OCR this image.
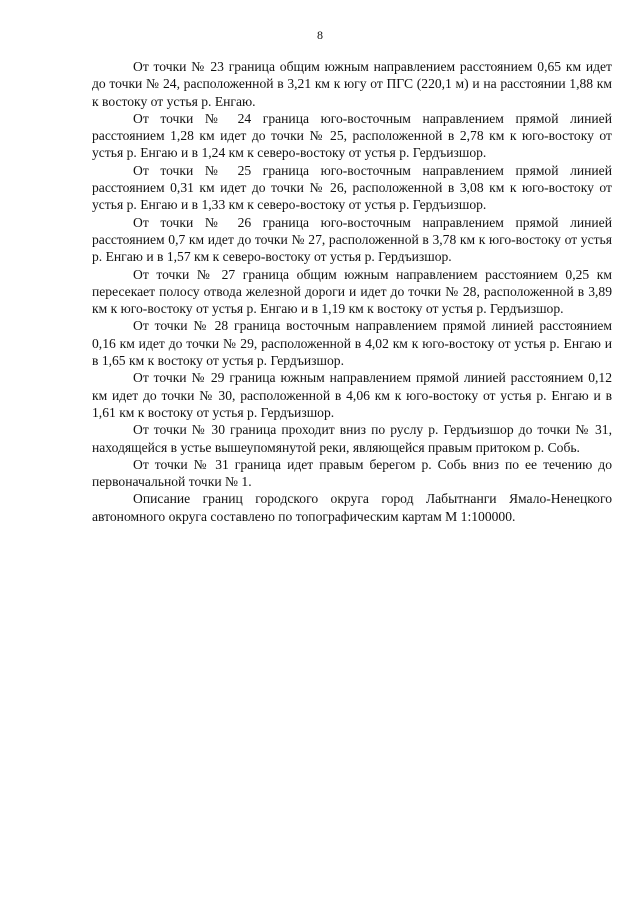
8

От точки № 23 граница общим южным направлением расстоянием 0,65 км идет до точки № 24, расположенной в 3,21 км к югу от ПГС (220,1 м) и на расстоянии 1,88 км к востоку от устья р. Енгаю.

От точки № 24 граница юго-восточным направлением прямой линией расстоянием 1,28 км идет до точки № 25, расположенной в 2,78 км к юго-востоку от устья р. Енгаю и в 1,24 км к северо-востоку от устья р. Гердъизшор.

От точки № 25 граница юго-восточным направлением прямой линией расстоянием 0,31 км идет до точки № 26, расположенной в 3,08 км к юго-востоку от устья р. Енгаю и в 1,33 км к северо-востоку от устья р. Гердъизшор.

От точки № 26 граница юго-восточным направлением прямой линией расстоянием 0,7 км идет до точки № 27, расположенной в 3,78 км к юго-востоку от устья р. Енгаю и в 1,57 км к северо-востоку от устья р. Гердъизшор.

От точки № 27 граница общим южным направлением расстоянием 0,25 км пересекает полосу отвода железной дороги и идет до точки № 28, расположенной в 3,89 км к юго-востоку от устья р. Енгаю и в 1,19 км к востоку от устья р. Гердъизшор.

От точки № 28 граница восточным направлением прямой линией расстоянием 0,16 км идет до точки № 29, расположенной в 4,02 км к юго-востоку от устья р. Енгаю и в 1,65 км к востоку от устья р. Гердъизшор.

От точки № 29 граница южным направлением прямой линией расстоянием 0,12 км идет до точки № 30, расположенной в 4,06 км к юго-востоку от устья р. Енгаю и в 1,61 км к востоку от устья р. Гердъизшор.

От точки № 30 граница проходит вниз по руслу р. Гердъизшор до точки № 31, находящейся в устье вышеупомянутой реки, являющейся правым притоком р. Собь.

От точки № 31 граница идет правым берегом р. Собь вниз по ее течению до первоначальной точки № 1.

Описание границ городского округа город Лабытнанги Ямало-Ненецкого автономного округа составлено по топографическим картам М 1:100000.
